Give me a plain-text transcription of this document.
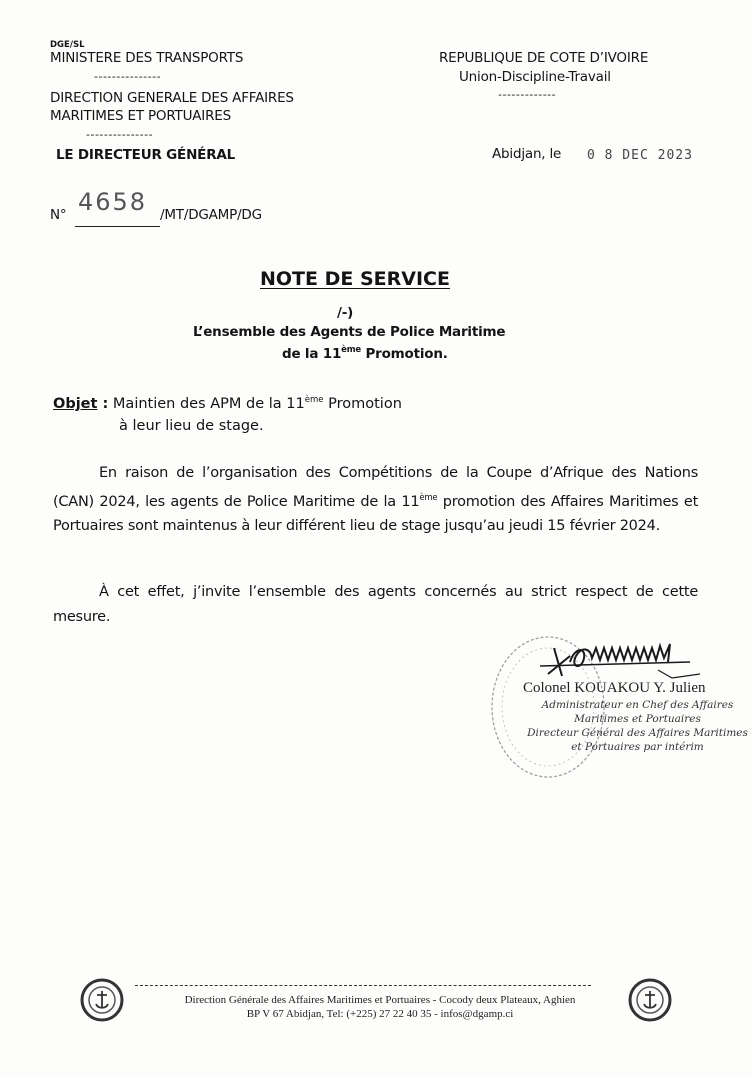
DGE/SL
MINISTERE DES TRANSPORTS
---------------
DIRECTION GENERALE DES AFFAIRES
MARITIMES ET PORTUAIRES
---------------
LE DIRECTEUR GÉNÉRAL
REPUBLIQUE DE COTE D’IVOIRE
Union-Discipline-Travail
-------------
Abidjan, le 0 8 DEC 2023
N° 4658 /MT/DGAMP/DG
NOTE DE SERVICE
/-)
L’ensemble des Agents de Police Maritime
de la 11ème Promotion.
Objet : Maintien des APM de la 11ème Promotion
à leur lieu de stage.
En raison de l’organisation des Compétitions de la Coupe d’Afrique des Nations (CAN) 2024, les agents de Police Maritime de la 11ème promotion des Affaires Maritimes et Portuaires sont maintenus à leur différent lieu de stage jusqu’au jeudi 15 février 2024.
À cet effet, j’invite l’ensemble des agents concernés au strict respect de cette mesure.
Colonel KOUAKOU Y. Julien
Administrateur en Chef des Affaires
Maritimes et Portuaires
Directeur Général des Affaires Maritimes
et Portuaires par intérim
Direction Générale des Affaires Maritimes et Portuaires - Cocody deux Plateaux, Aghien
BP V 67 Abidjan, Tel: (+225) 27 22 40 35 - infos@dgamp.ci
